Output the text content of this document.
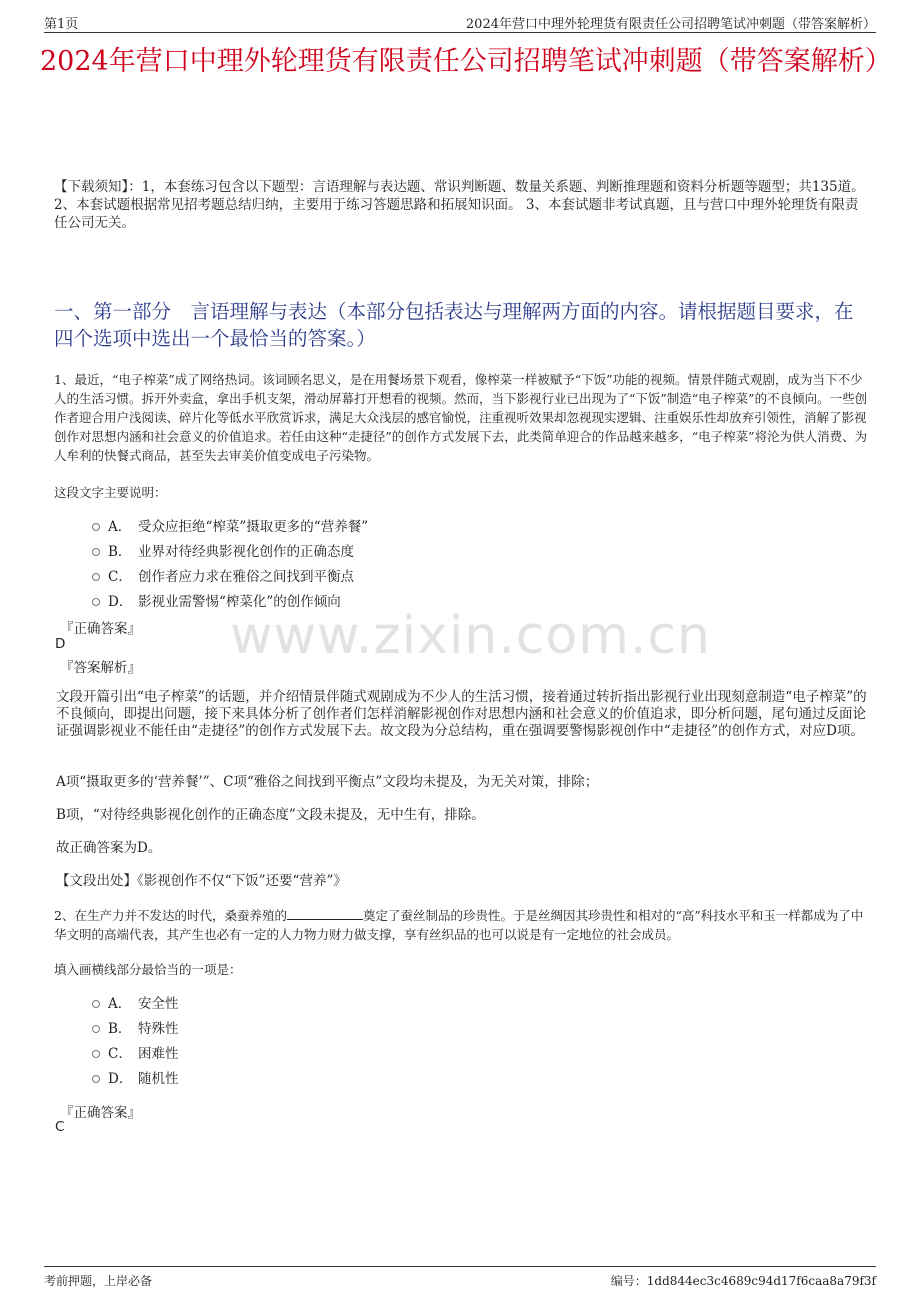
第1页	2024年营口中理外轮理货有限责任公司招聘笔试冲刺题（带答案解析）
2024年营口中理外轮理货有限责任公司招聘笔试冲刺题（带答案解析）
【下载须知】：1，本套练习包含以下题型：言语理解与表达题、常识判断题、数量关系题、判断推理题和资料分析题等题型；共135道。 2、本套试题根据常见招考题总结归纳，主要用于练习答题思路和拓展知识面。 3、本套试题非考试真题，且与营口中理外轮理货有限责任公司无关。
一、第一部分　言语理解与表达（本部分包括表达与理解两方面的内容。请根据题目要求，在四个选项中选出一个最恰当的答案。）
1、最近，“电子榨菜”成了网络热词。该词顾名思义，是在用餐场景下观看，像榨菜一样被赋予“下饭”功能的视频。情景伴随式观剧，成为当下不少人的生活习惯。拆开外卖盒，拿出手机支架，滑动屏幕打开想看的视频。然而，当下影视行业已出现为了“下饭”制造“电子榨菜”的不良倾向。一些创作者迎合用户浅阅读、碎片化等低水平欣赏诉求，满足大众浅层的感官愉悦，注重视听效果却忽视现实逻辑、注重娱乐性却放弃引领性，消解了影视创作对思想内涵和社会意义的价值追求。若任由这种“走捷径”的创作方式发展下去，此类简单迎合的作品越来越多，“电子榨菜”将沦为供人消费、为人牟利的快餐式商品，甚至失去审美价值变成电子污染物。
这段文字主要说明：
A． 受众应拒绝“榨菜”摄取更多的“营养餐”
B． 业界对待经典影视化创作的正确态度
C． 创作者应力求在雅俗之间找到平衡点
D． 影视业需警惕“榨菜化”的创作倾向
『正确答案』
D
『答案解析』
www.zixin.com.cn
文段开篇引出“电子榨菜”的话题，并介绍情景伴随式观剧成为不少人的生活习惯，接着通过转折指出影视行业出现刻意制造“电子榨菜”的不良倾向，即提出问题，接下来具体分析了创作者们怎样消解影视创作对思想内涵和社会意义的价值追求，即分析问题，尾句通过反面论证强调影视业不能任由“走捷径”的创作方式发展下去。故文段为分总结构，重在强调要警惕影视创作中“走捷径”的创作方式，对应D项。
A项“摄取更多的‘营养餐’”、C项“雅俗之间找到平衡点”文段均未提及，为无关对策，排除；
B项，“对待经典影视化创作的正确态度”文段未提及，无中生有，排除。
故正确答案为D。
【文段出处】《影视创作不仅“下饭”还要“营养”》
2、在生产力并不发达的时代，桑蚕养殖的	奠定了蚕丝制品的珍贵性。于是丝绸因其珍贵性和相对的“高”科技水平和玉一样都成为了中华文明的高端代表，其产生也必有一定的人力物力财力做支撑，享有丝织品的也可以说是有一定地位的社会成员。
填入画横线部分最恰当的一项是：
A． 安全性
B． 特殊性
C． 困难性
D． 随机性
『正确答案』
C
考前押题，上岸必备	编号：1dd844ec3c4689c94d17f6caa8a79f3f
